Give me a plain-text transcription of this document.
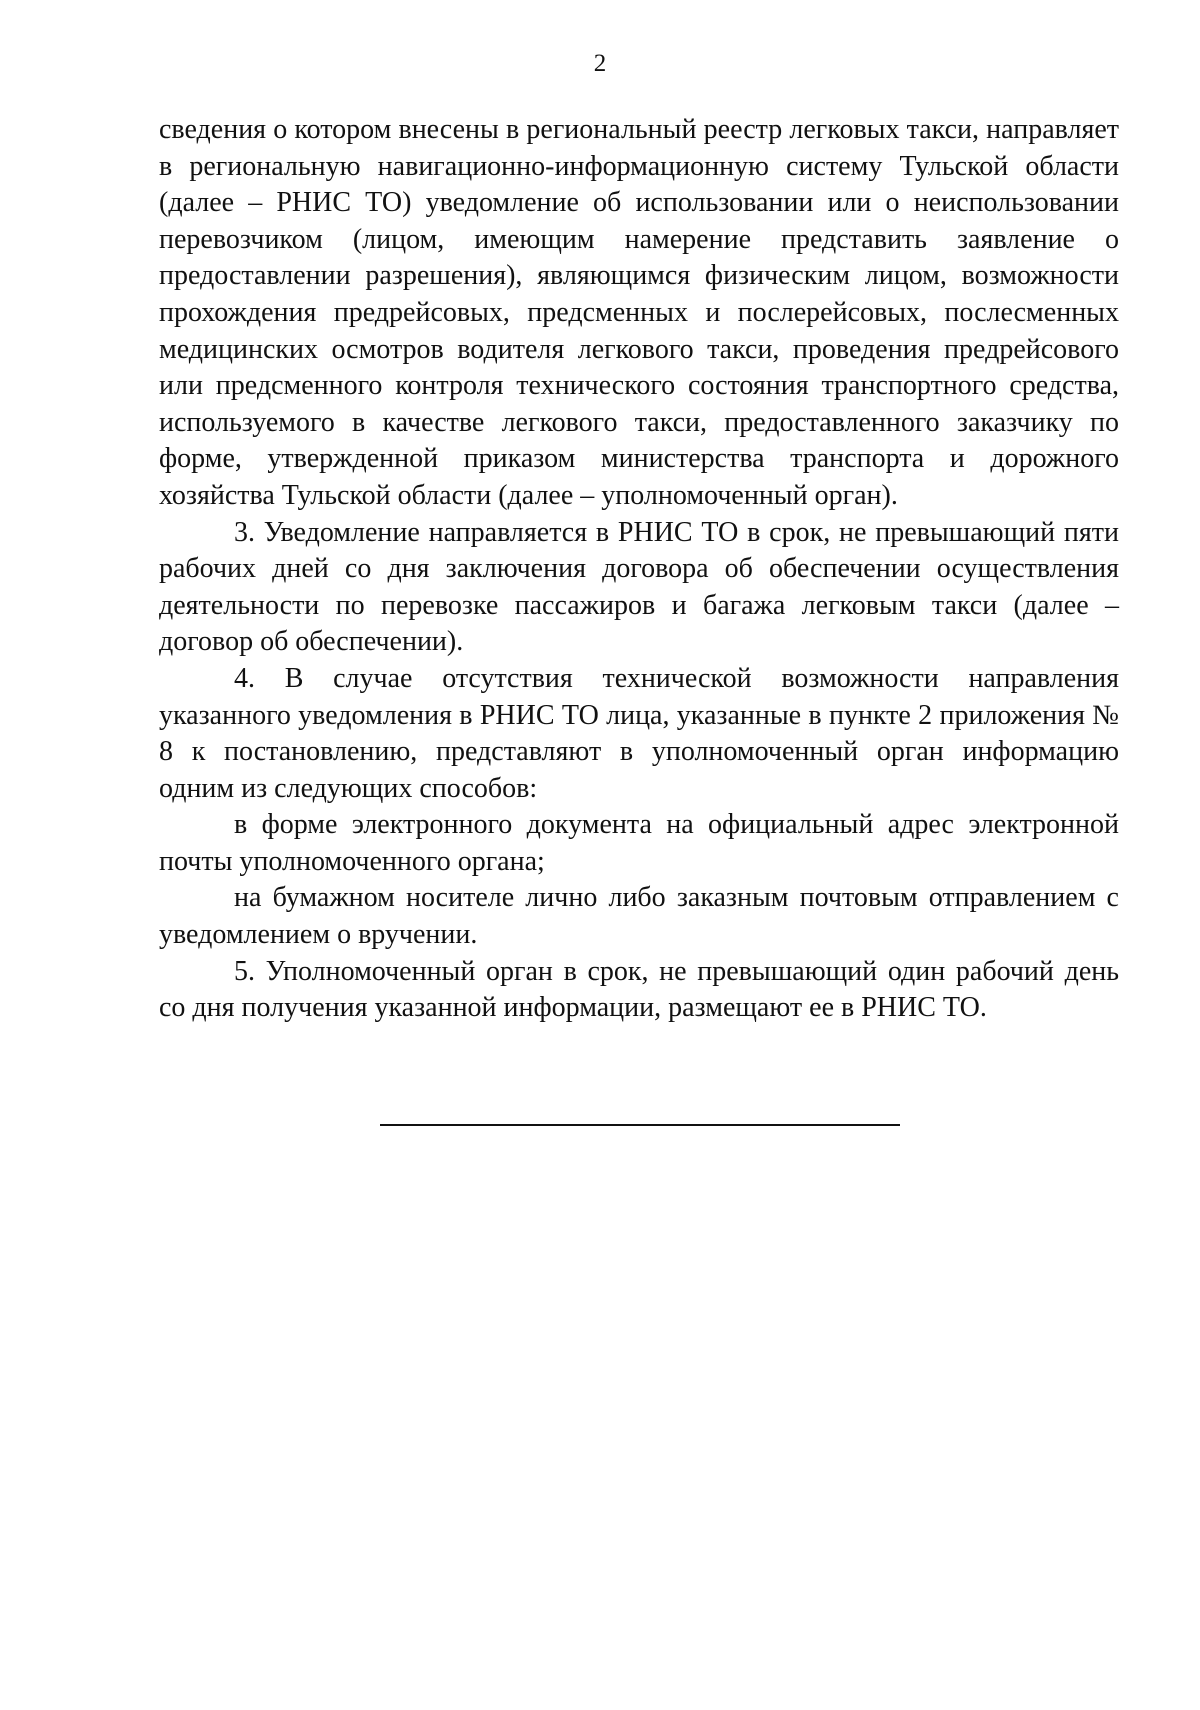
2

сведения о котором внесены в региональный реестр легковых такси, направляет в региональную навигационно-информационную систему Тульской области (далее – РНИС ТО) уведомление об использовании или о неиспользовании перевозчиком (лицом, имеющим намерение представить заявление о предоставлении разрешения), являющимся физическим лицом, возможности прохождения предрейсовых, предсменных и послерейсовых, послесменных медицинских осмотров водителя легкового такси, проведения предрейсового или предсменного контроля технического состояния транспортного средства, используемого в качестве легкового такси, предоставленного заказчику по форме, утвержденной приказом министерства транспорта и дорожного хозяйства Тульской области (далее – уполномоченный орган).

3. Уведомление направляется в РНИС ТО в срок, не превышающий пяти рабочих дней со дня заключения договора об обеспечении осуществления деятельности по перевозке пассажиров и багажа легковым такси (далее – договор об обеспечении).

4. В случае отсутствия технической возможности направления указанного уведомления в РНИС ТО лица, указанные в пункте 2 приложения № 8 к постановлению, представляют в уполномоченный орган информацию одним из следующих способов:

в форме электронного документа на официальный адрес электронной почты уполномоченного органа;

на бумажном носителе лично либо заказным почтовым отправлением с уведомлением о вручении.

5. Уполномоченный орган в срок, не превышающий один рабочий день со дня получения указанной информации, размещают ее в РНИС ТО.
